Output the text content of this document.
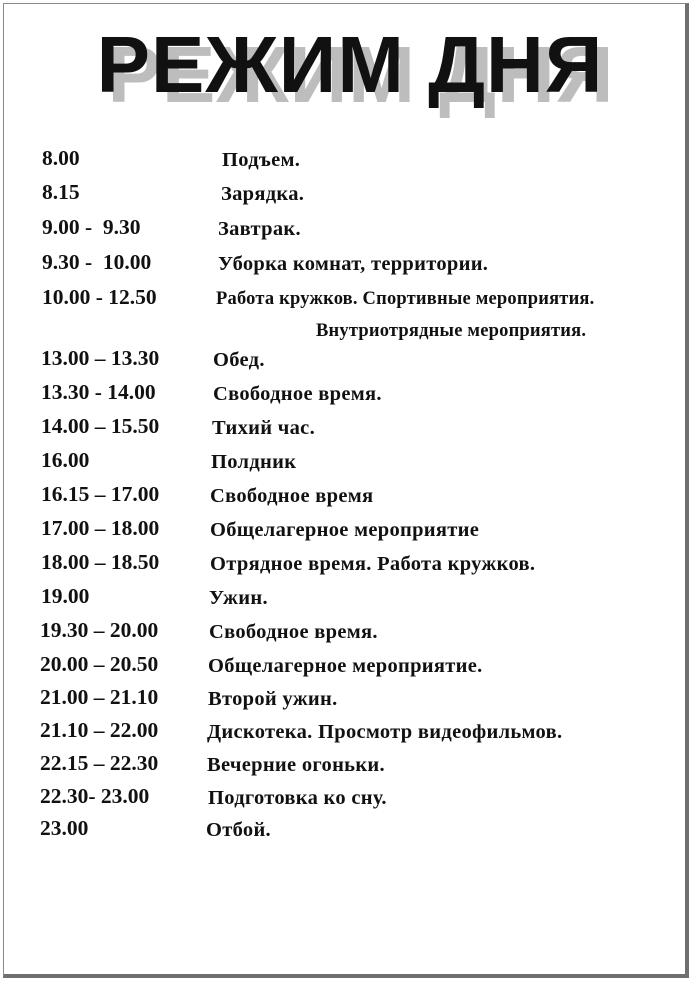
РЕЖИМ ДНЯ
8.00	Подъем.
8.15	Зарядка.
9.00 -  9.30	Завтрак.
9.30 -  10.00	Уборка комнат, территории.
10.00 - 12.50	Работа кружков. Спортивные мероприятия.
Внутриотрядные мероприятия.
13.00 – 13.30	Обед.
13.30 - 14.00	Свободное время.
14.00 – 15.50	Тихий час.
16.00	Полдник
16.15 – 17.00 Свободное время
17.00 – 18.00 Общелагерное мероприятие
18.00 – 18.50 Отрядное время. Работа кружков.
19.00	Ужин.
19.30 – 20.00 Свободное время.
20.00 – 20.50 Общелагерное мероприятие.
21.00 – 21.10 Второй ужин.
21.10 – 22.00 Дискотека. Просмотр видеофильмов.
22.15 – 22.30 Вечерние огоньки.
22.30- 23.00	Подготовка ко сну.
23.00	Отбой.
